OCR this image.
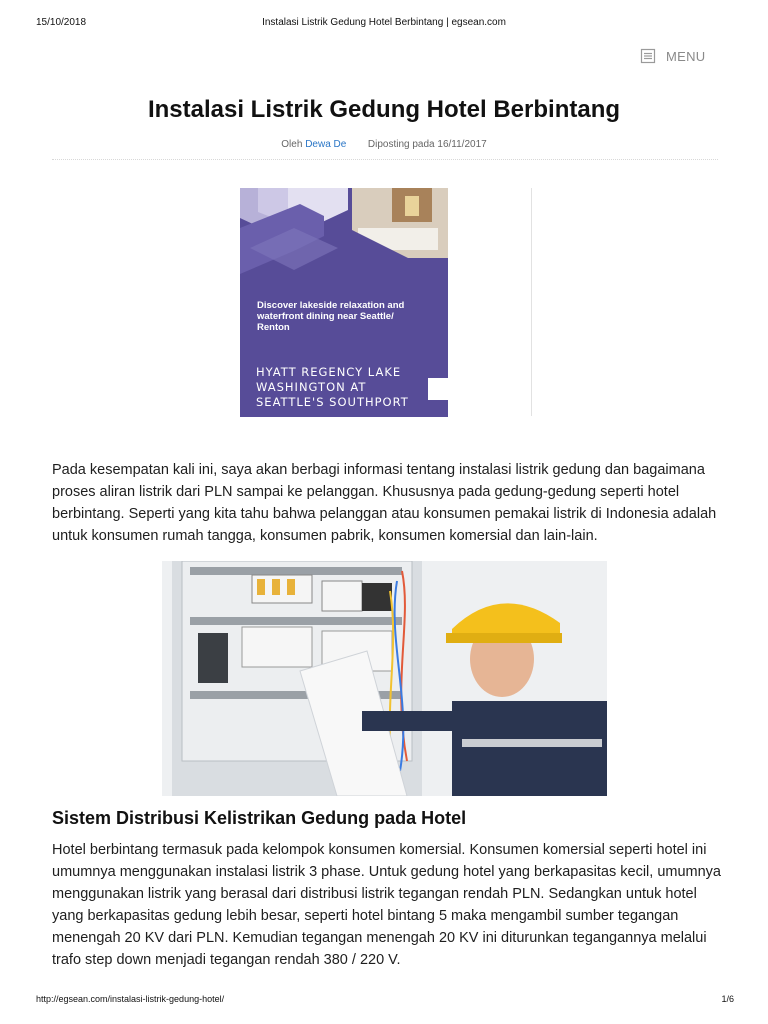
15/10/2018	Instalasi Listrik Gedung Hotel Berbintang | egsean.com
MENU
Instalasi Listrik Gedung Hotel Berbintang
Oleh Dewa De Diposting pada 16/11/2017
Discover lakeside relaxation and waterfront dining near Seattle/ Renton
HYATT REGENCY LAKE WASHINGTON AT SEATTLE'S SOUTHPORT

Pada kesempatan kali ini, saya akan berbagi informasi tentang instalasi listrik gedung dan bagaimana proses aliran listrik dari PLN sampai ke pelanggan. Khususnya pada gedung-gedung seperti hotel berbintang. Seperti yang kita tahu bahwa pelanggan atau konsumen pemakai listrik di Indonesia adalah untuk konsumen rumah tangga, konsumen pabrik, konsumen komersial dan lain-lain.

Sistem Distribusi Kelistrikan Gedung pada Hotel

Hotel berbintang termasuk pada kelompok konsumen komersial. Konsumen komersial seperti hotel ini umumnya menggunakan instalasi listrik 3 phase. Untuk gedung hotel yang berkapasitas kecil, umumnya menggunakan listrik yang berasal dari distribusi listrik tegangan rendah PLN. Sedangkan untuk hotel yang berkapasitas gedung lebih besar, seperti hotel bintang 5 maka mengambil sumber tegangan menengah 20 KV dari PLN. Kemudian tegangan menengah 20 KV ini diturunkan tegangannya melalui trafo step down menjadi tegangan rendah 380 / 220 V.

http://egsean.com/instalasi-listrik-gedung-hotel/	1/6
